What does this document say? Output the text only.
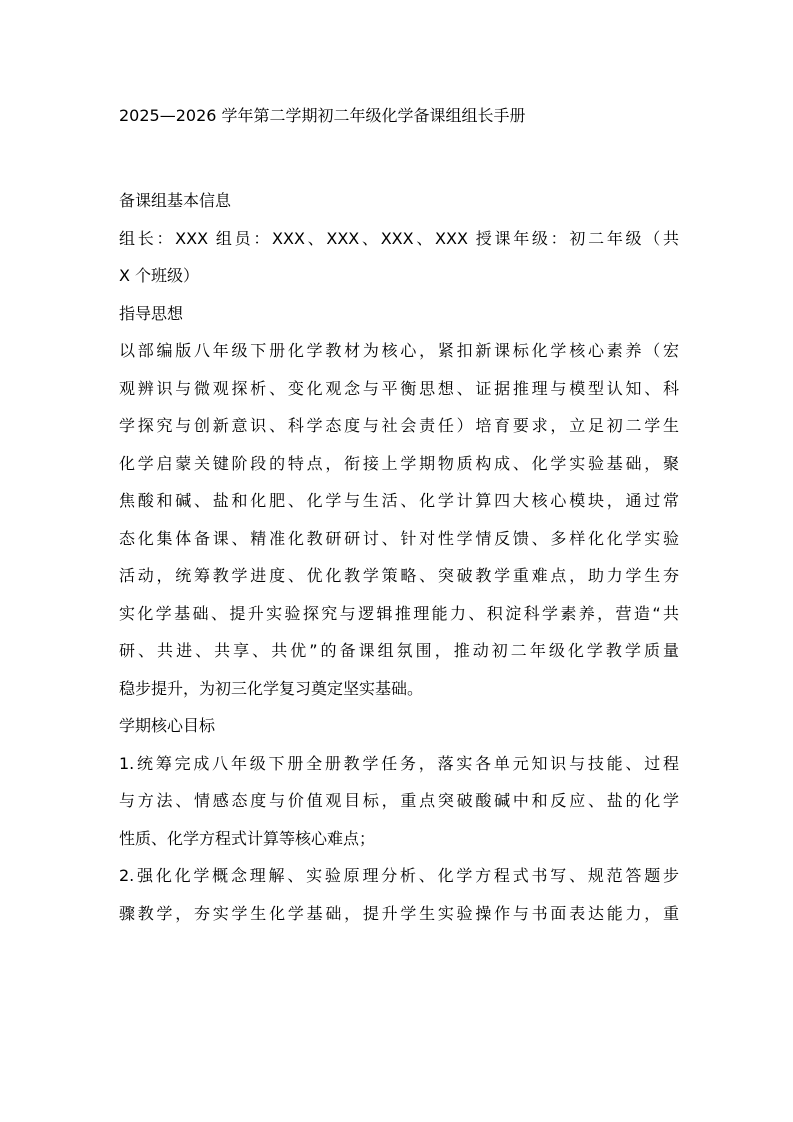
2025—2026 学年第二学期初二年级化学备课组组长手册
备课组基本信息
组长：XXX 组员：XXX、XXX、XXX、XXX 授课年级：初二年级（共
X 个班级）
指导思想
以部编版八年级下册化学教材为核心，紧扣新课标化学核心素养（宏
观辨识与微观探析、变化观念与平衡思想、证据推理与模型认知、科
学探究与创新意识、科学态度与社会责任）培育要求，立足初二学生
化学启蒙关键阶段的特点，衔接上学期物质构成、化学实验基础，聚
焦酸和碱、盐和化肥、化学与生活、化学计算四大核心模块，通过常
态化集体备课、精准化教研研讨、针对性学情反馈、多样化化学实验
活动，统筹教学进度、优化教学策略、突破教学重难点，助力学生夯
实化学基础、提升实验探究与逻辑推理能力、积淀科学素养，营造“共
研、共进、共享、共优”的备课组氛围，推动初二年级化学教学质量
稳步提升，为初三化学复习奠定坚实基础。
学期核心目标
1.统筹完成八年级下册全册教学任务，落实各单元知识与技能、过程
与方法、情感态度与价值观目标，重点突破酸碱中和反应、盐的化学
性质、化学方程式计算等核心难点；
2.强化化学概念理解、实验原理分析、化学方程式书写、规范答题步
骤教学，夯实学生化学基础，提升学生实验操作与书面表达能力，重
